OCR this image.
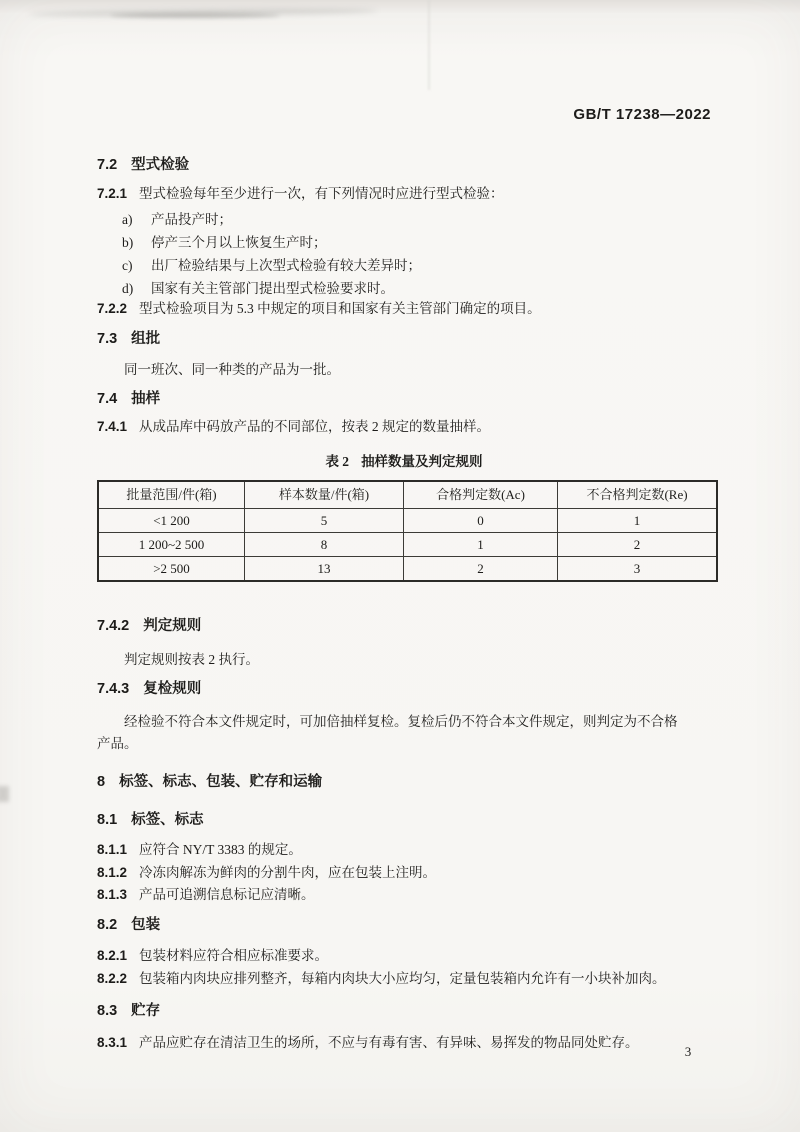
GB/T 17238—2022
7.2 型式检验
7.2.1 型式检验每年至少进行一次，有下列情况时应进行型式检验：
a)	产品投产时；
b)	停产三个月以上恢复生产时；
c)	出厂检验结果与上次型式检验有较大差异时；
d)	国家有关主管部门提出型式检验要求时。
7.2.2 型式检验项目为 5.3 中规定的项目和国家有关主管部门确定的项目。
7.3 组批
同一班次、同一种类的产品为一批。
7.4 抽样
7.4.1 从成品库中码放产品的不同部位，按表 2 规定的数量抽样。
表 2 抽样数量及判定规则
批量范围/件(箱)	样本数量/件(箱)	合格判定数(Ac)	不合格判定数(Re)
<1 200	5	0	1
1 200~2 500	8	1	2
>2 500	13	2	3
7.4.2 判定规则
判定规则按表 2 执行。
7.4.3 复检规则
经检验不符合本文件规定时，可加倍抽样复检。复检后仍不符合本文件规定，则判定为不合格
产品。
8 标签、标志、包装、贮存和运输
8.1 标签、标志
8.1.1 应符合 NY/T 3383 的规定。
8.1.2 冷冻肉解冻为鲜肉的分割牛肉，应在包装上注明。
8.1.3 产品可追溯信息标记应清晰。
8.2 包装
8.2.1 包装材料应符合相应标准要求。
8.2.2 包装箱内肉块应排列整齐，每箱内肉块大小应均匀，定量包装箱内允许有一小块补加肉。
8.3 贮存
8.3.1 产品应贮存在清洁卫生的场所，不应与有毒有害、有异味、易挥发的物品同处贮存。
3
